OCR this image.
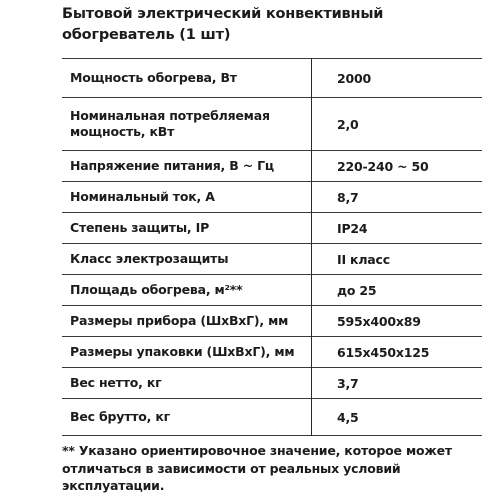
Бытовой электрический конвективный
обогреватель (1 шт)
Мощность обогрева, Вт	2000

Номинальная потребляемая
мощность, кВт	2,0

Напряжение питания, В ~ Гц	220-240 ~ 50

Номинальный ток, А	8,7

Степень защиты, IP	IP24

Класс электрозащиты	II класс

Площадь обогрева, м²**	до 25

Размеры прибора (ШхВхГ), мм	595х400х89

Размеры упаковки (ШхВхГ), мм	615х450х125

Вес нетто, кг	3,7

Вес брутто, кг	4,5

** Указано ориентировочное значение, которое может
отличаться в зависимости от реальных условий
эксплуатации.
